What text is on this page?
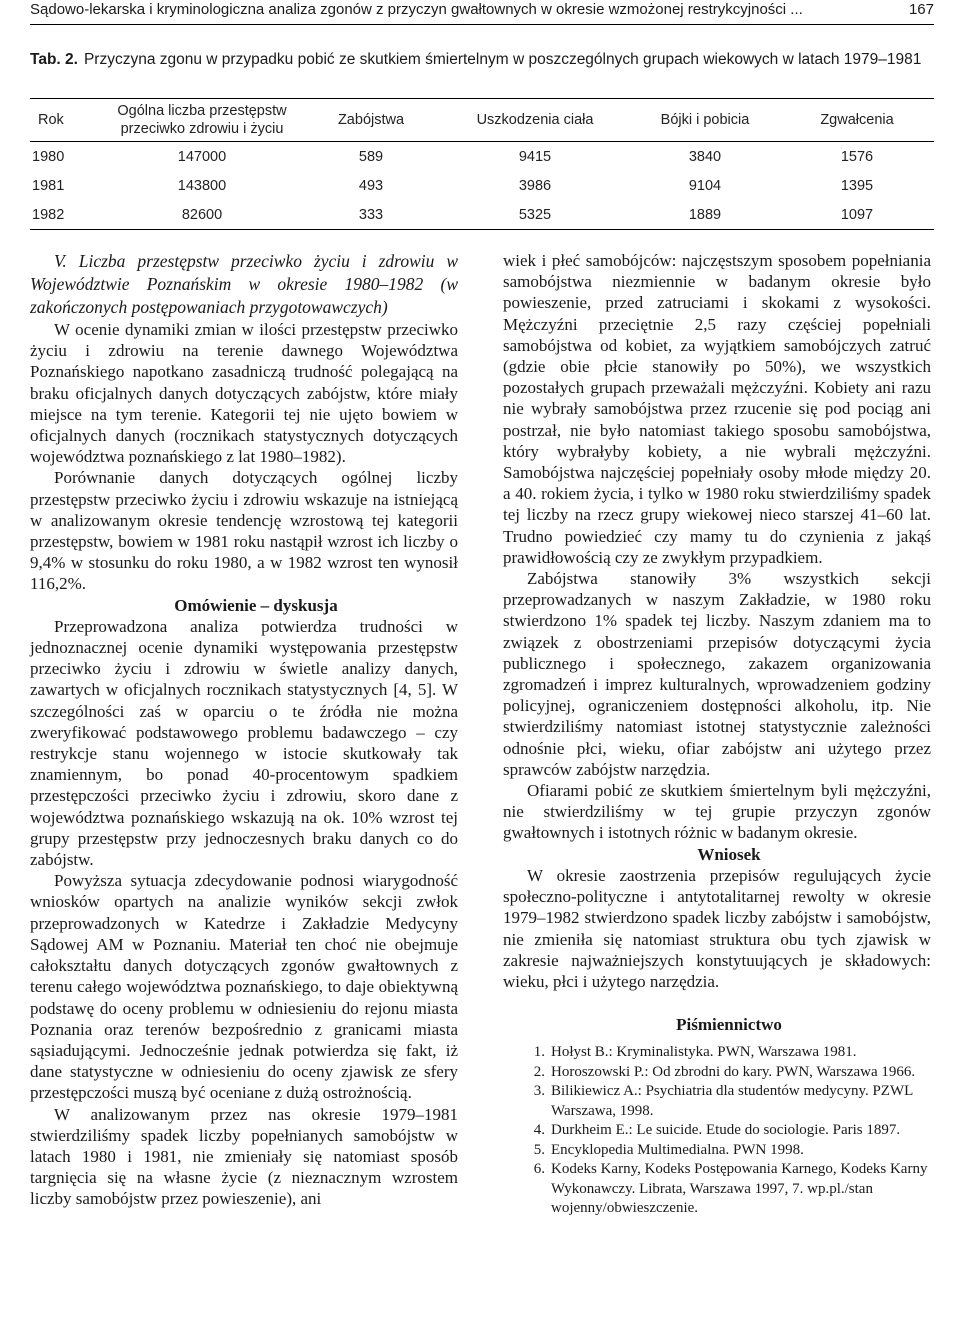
Sądowo-lekarska i kryminologiczna analiza zgonów z przyczyn gwałtownych w okresie wzmożonej restrykcyjności ...	167
Tab. 2. Przyczyna zgonu w przypadku pobić ze skutkiem śmiertelnym w poszczególnych grupach wiekowych w latach 1979–1981
Rok	Ogólna liczba przestępstw przeciwko zdrowiu i życiu	Zabójstwa	Uszkodzenia ciała	Bójki i pobicia	Zgwałcenia
1980	147000	589	9415	3840	1576
1981	143800	493	3986	9104	1395
1982	82600	333	5325	1889	1097

V. Liczba przestępstw przeciwko życiu i zdrowiu w Województwie Poznańskim w okresie 1980–1982 (w zakończonych postępowaniach przygotowawczych)

W ocenie dynamiki zmian w ilości przestępstw przeciwko życiu i zdrowiu na terenie dawnego Województwa Poznańskiego napotkano zasadniczą trudność polegającą na braku oficjalnych danych dotyczących zabójstw, które miały miejsce na tym terenie. Kategorii tej nie ujęto bowiem w oficjalnych danych (rocznikach statystycznych dotyczących województwa poznańskiego z lat 1980–1982).

Porównanie danych dotyczących ogólnej liczby przestępstw przeciwko życiu i zdrowiu wskazuje na istniejącą w analizowanym okresie tendencję wzrostową tej kategorii przestępstw, bowiem w 1981 roku nastąpił wzrost ich liczby o 9,4% w stosunku do roku 1980, a w 1982 wzrost ten wynosił 116,2%.

Omówienie – dyskusja

Przeprowadzona analiza potwierdza trudności w jednoznacznej ocenie dynamiki występowania przestępstw przeciwko życiu i zdrowiu w świetle analizy danych, zawartych w oficjalnych rocznikach statystycznych [4, 5]. W szczególności zaś w oparciu o te źródła nie można zweryfikować podstawowego problemu badawczego – czy restrykcje stanu wojennego w istocie skutkowały tak znamiennym, bo ponad 40-procentowym spadkiem przestępczości przeciwko życiu i zdrowiu, skoro dane z województwa poznańskiego wskazują na ok. 10% wzrost tej grupy przestępstw przy jednoczesnych braku danych co do zabójstw.

Powyższa sytuacja zdecydowanie podnosi wiarygodność wniosków opartych na analizie wyników sekcji zwłok przeprowadzonych w Katedrze i Zakładzie Medycyny Sądowej AM w Poznaniu. Materiał ten choć nie obejmuje całokształtu danych dotyczących zgonów gwałtownych z terenu całego województwa poznańskiego, to daje obiektywną podstawę do oceny problemu w odniesieniu do rejonu miasta Poznania oraz terenów bezpośrednio z granicami miasta sąsiadującymi. Jednocześnie jednak potwierdza się fakt, iż dane statystyczne w odniesieniu do oceny zjawisk ze sfery przestępczości muszą być oceniane z dużą ostrożnością.

W analizowanym przez nas okresie 1979–1981 stwierdziliśmy spadek liczby popełnianych samobójstw w latach 1980 i 1981, nie zmieniały się natomiast sposób targnięcia się na własne życie (z nieznacznym wzrostem liczby samobójstw przez powieszenie), ani

wiek i płeć samobójców: najczęstszym sposobem popełniania samobójstwa niezmiennie w badanym okresie było powieszenie, przed zatruciami i skokami z wysokości. Mężczyźni przeciętnie 2,5 razy częściej popełniali samobójstwa od kobiet, za wyjątkiem samobójczych zatruć (gdzie obie płcie stanowiły po 50%), we wszystkich pozostałych grupach przeważali mężczyźni. Kobiety ani razu nie wybrały samobójstwa przez rzucenie się pod pociąg ani postrzał, nie było natomiast takiego sposobu samobójstwa, który wybrałyby kobiety, a nie wybrali mężczyźni. Samobójstwa najczęściej popełniały osoby młode między 20. a 40. rokiem życia, i tylko w 1980 roku stwierdziliśmy spadek tej liczby na rzecz grupy wiekowej nieco starszej 41–60 lat. Trudno powiedzieć czy mamy tu do czynienia z jakąś prawidłowością czy ze zwykłym przypadkiem.

Zabójstwa stanowiły 3% wszystkich sekcji przeprowadzanych w naszym Zakładzie, w 1980 roku stwierdzono 1% spadek tej liczby. Naszym zdaniem ma to związek z obostrzeniami przepisów dotyczącymi życia publicznego i społecznego, zakazem organizowania zgromadzeń i imprez kulturalnych, wprowadzeniem godziny policyjnej, ograniczeniem dostępności alkoholu, itp. Nie stwierdziliśmy natomiast istotnej statystycznie zależności odnośnie płci, wieku, ofiar zabójstw ani użytego przez sprawców zabójstw narzędzia.

Ofiarami pobić ze skutkiem śmiertelnym byli mężczyźni, nie stwierdziliśmy w tej grupie przyczyn zgonów gwałtownych i istotnych różnic w badanym okresie.

Wniosek

W okresie zaostrzenia przepisów regulujących życie społeczno-polityczne i antytotalitarnej rewolty w okresie 1979–1982 stwierdzono spadek liczby zabójstw i samobójstw, nie zmieniła się natomiast struktura obu tych zjawisk w zakresie najważniejszych konstytuujących je składowych: wieku, płci i użytego narzędzia.

Piśmiennictwo

1. Hołyst B.: Kryminalistyka. PWN, Warszawa 1981.
2. Horoszowski P.: Od zbrodni do kary. PWN, Warszawa 1966.
3. Bilikiewicz A.: Psychiatria dla studentów medycyny. PZWL Warszawa, 1998.
4. Durkheim E.: Le suicide. Etude do sociologie. Paris 1897.
5. Encyklopedia Multimedialna. PWN 1998.
6. Kodeks Karny, Kodeks Postępowania Karnego, Kodeks Karny Wykonawczy. Librata, Warszawa 1997, 7. wp.pl./stan wojenny/obwieszczenie.
